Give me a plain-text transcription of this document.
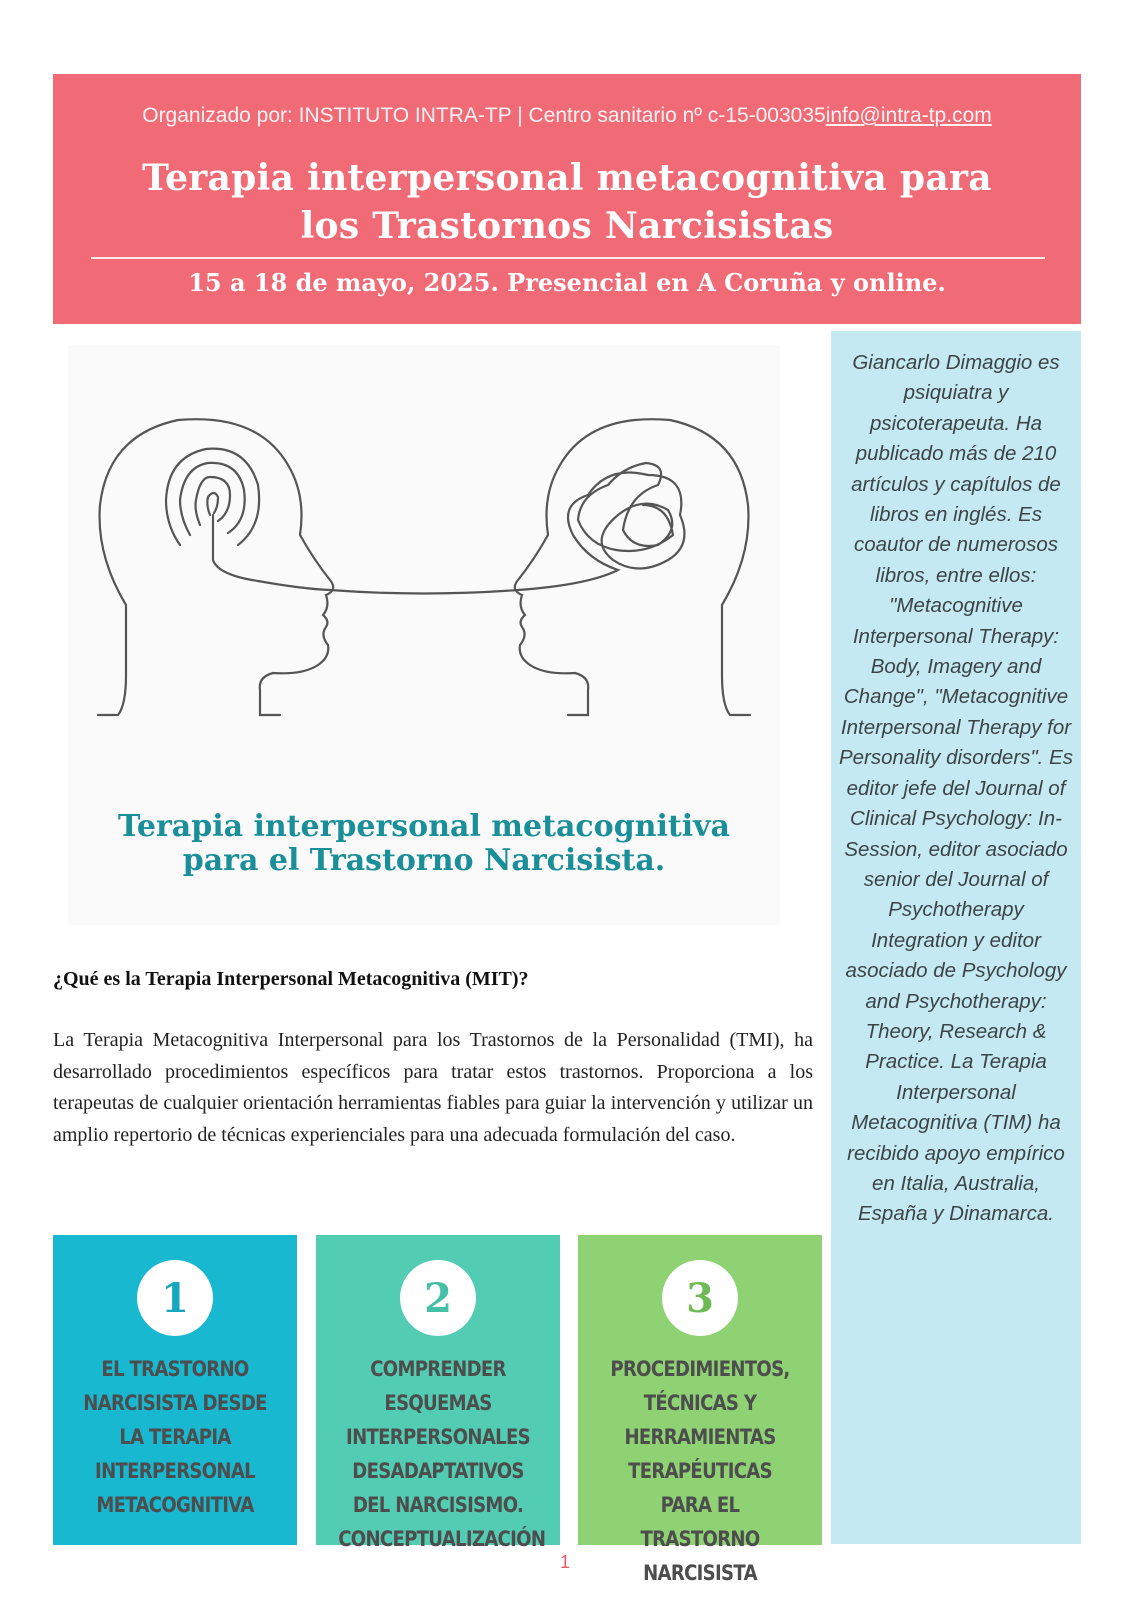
Organizado por: INSTITUTO INTRA-TP | Centro sanitario nº c-15-003035info@intra-tp.com
Terapia interpersonal metacognitiva para
los Trastornos Narcisistas
15 a 18 de mayo, 2025. Presencial en A Coruña y online.
Terapia interpersonal metacognitiva
para el Trastorno Narcisista.
¿Qué es la Terapia Interpersonal Metacognitiva (MIT)?
La Terapia Metacognitiva Interpersonal para los Trastornos de la Personalidad (TMI), ha desarrollado procedimientos específicos para tratar estos trastornos. Proporciona a los terapeutas de cualquier orientación herramientas fiables para guiar la intervención y utilizar un amplio repertorio de técnicas experienciales para una adecuada formulación del caso.
1
EL TRASTORNO NARCISISTA DESDE LA TERAPIA INTERPERSONAL METACOGNITIVA
2
COMPRENDER ESQUEMAS INTERPERSONALES DESADAPTATIVOS DEL NARCISISMO. CONCEPTUALIZACIÓN
3
PROCEDIMIENTOS, TÉCNICAS Y HERRAMIENTAS TERAPÉUTICAS PARA EL TRASTORNO NARCISISTA

Giancarlo Dimaggio es psiquiatra y psicoterapeuta. Ha publicado más de 210 artículos y capítulos de libros en inglés. Es coautor de numerosos libros, entre ellos: "Metacognitive Interpersonal Therapy: Body, Imagery and Change", "Metacognitive Interpersonal Therapy for Personality disorders". Es editor jefe del Journal of Clinical Psychology: In-Session, editor asociado senior del Journal of Psychotherapy Integration y editor asociado de Psychology and Psychotherapy: Theory, Research & Practice. La Terapia Interpersonal Metacognitiva (TIM) ha recibido apoyo empírico en Italia, Australia, España y Dinamarca.

1
